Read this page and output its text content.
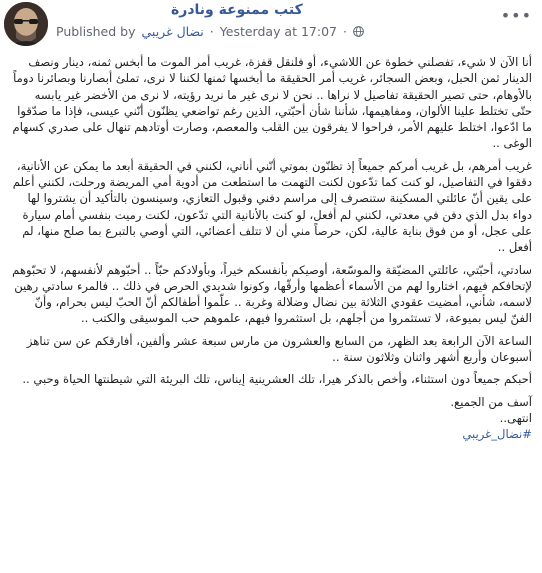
كتب ممنوعة ونادرة
Published by نضال غريبي · Yesterday at 17:07 ·
•••

أنا الآن لا شيء، تفصلني خطوة عن اللاشيء، أو فلنقل قفزة، غريب أمر الموت ما أبخس ثمنه، دينار ونصف الدينار ثمن الحبل، وبعض السجائر، غريب أمر الحقيقة ما أبخسها ثمنها لكننا لا نرى، تملئ أبصارنا وبصائرنا دوماً بالأوهام، حتى تصير الحقيقة تفاصيل لا نراها .. نحن لا نرى غير ما نريد رؤيته، لا نرى من الأخضر غير يابسه حتّى تختلط علينا الألوان، ومفاهيمها، شأننا شأن أحبّتي، الذين رغم تواضعي يظنّون أنّني عيسى، فإذا ما صدّقوا ما ادّعوا، اختلط عليهم الأمر، فراحوا لا يفرقون بين القلب والمعصم، وصارت أوتادهم تنهال على صدري كسهام الوغى ..

غريب أمرهم، بل غريب أمركم جميعاً إذ تظنّون بموتي أنّني أناني، لكنني في الحقيقة أبعد ما يمكن عن الأنانية، دققوا في التفاصيل، لو كنت كما تدّعون لكنت التهمت ما استطعت من أدوية أمي المريضة ورحلت، لكنني أعلم على يقين أنّ عائلتي المسكينة ستنصرف إلى مراسم دفني وقبول التعازي، وسينسون بالتأكيد أن يشتروا لها دواء بدل الذي دفن في معدتي، لكنني لم أفعل، لو كنت بالأنانية التي تدّعون، لكنت رميت بنفسي أمام سيارة على عجل، أو من فوق بناية عالية، لكن، حرصاً مني أن لا تتلف أعضائي، التي أوصي بالتبرع بما صلح منها، لم أفعل ..

سادتي، أحبّتي، عائلتي المضيّقة والموسّعة، أوصيكم بأنفسكم خيراً، وبأولادكم حبّاً .. أحبّوهم لأنفسهم، لا تحبّوهم لإتحافكم فيهم، اختاروا لهم من الأسماء أعظمها وأرقّها، وكونوا شديدي الحرص في ذلك .. فالمرء سادتي رهين لاسمه، شأني، أمضيت عقودي الثلاثة بين نضال وضلالة وغربة .. علّموا أطفالكم أنّ الحبّ ليس بحرام، وأنّ الفنّ ليس بميوعة، لا تستثمروا من أجلهم، بل استثمروا فيهم، علموهم حب الموسيقى والكتب ..

الساعة الآن الرابعة بعد الظهر، من السابع والعشرون من مارس سبعة عشر وألفين، أفارقكم عن سن تناهز أسبوعان وأربع أشهر واثنان وثلاثون سنة ..

أحبكم جميعاً دون استثناء، وأخص بالذكر هيرا، تلك العشرينية إيناس، تلك البريئة التي شيطنتها الحياة وحبي ..

آسف من الجميع.

انتهى..

#نضال_غريبي
